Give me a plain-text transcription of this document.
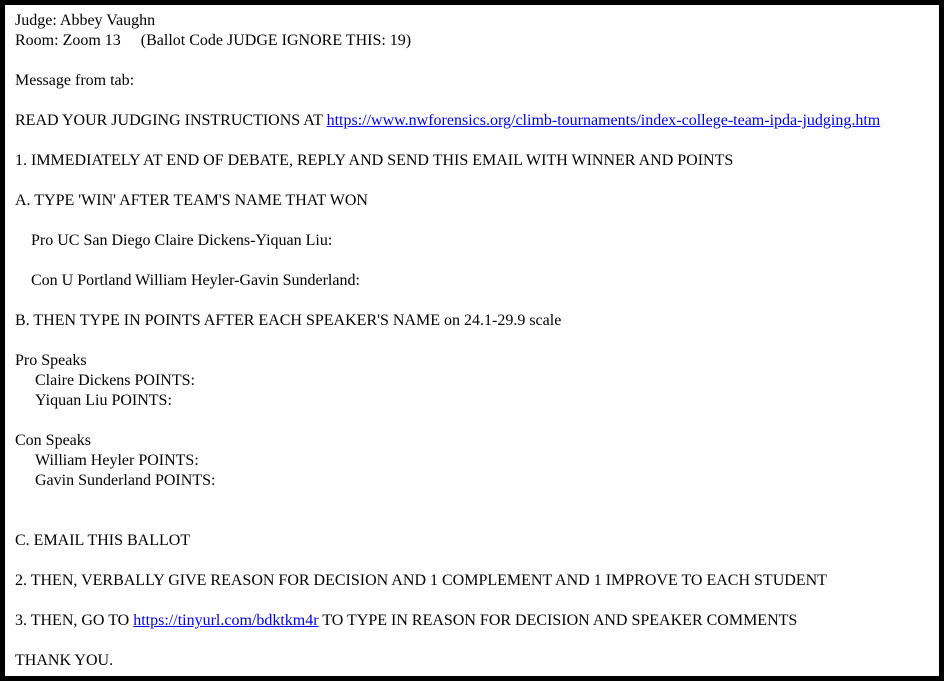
Judge: Abbey Vaughn
Room: Zoom 13     (Ballot Code JUDGE IGNORE THIS: 19)
Message from tab:
READ YOUR JUDGING INSTRUCTIONS AT https://www.nwforensics.org/climb-tournaments/index-college-team-ipda-judging.htm
1. IMMEDIATELY AT END OF DEBATE, REPLY AND SEND THIS EMAIL WITH WINNER AND POINTS
A. TYPE 'WIN' AFTER TEAM'S NAME THAT WON
Pro UC San Diego Claire Dickens-Yiquan Liu:
Con U Portland William Heyler-Gavin Sunderland:
B. THEN TYPE IN POINTS AFTER EACH SPEAKER'S NAME on 24.1-29.9 scale
Pro Speaks
Claire Dickens POINTS:
Yiquan Liu POINTS:
Con Speaks
William Heyler POINTS:
Gavin Sunderland POINTS:
C. EMAIL THIS BALLOT
2. THEN, VERBALLY GIVE REASON FOR DECISION AND 1 COMPLEMENT AND 1 IMPROVE TO EACH STUDENT
3. THEN, GO TO https://tinyurl.com/bdktkm4r TO TYPE IN REASON FOR DECISION AND SPEAKER COMMENTS
THANK YOU.
